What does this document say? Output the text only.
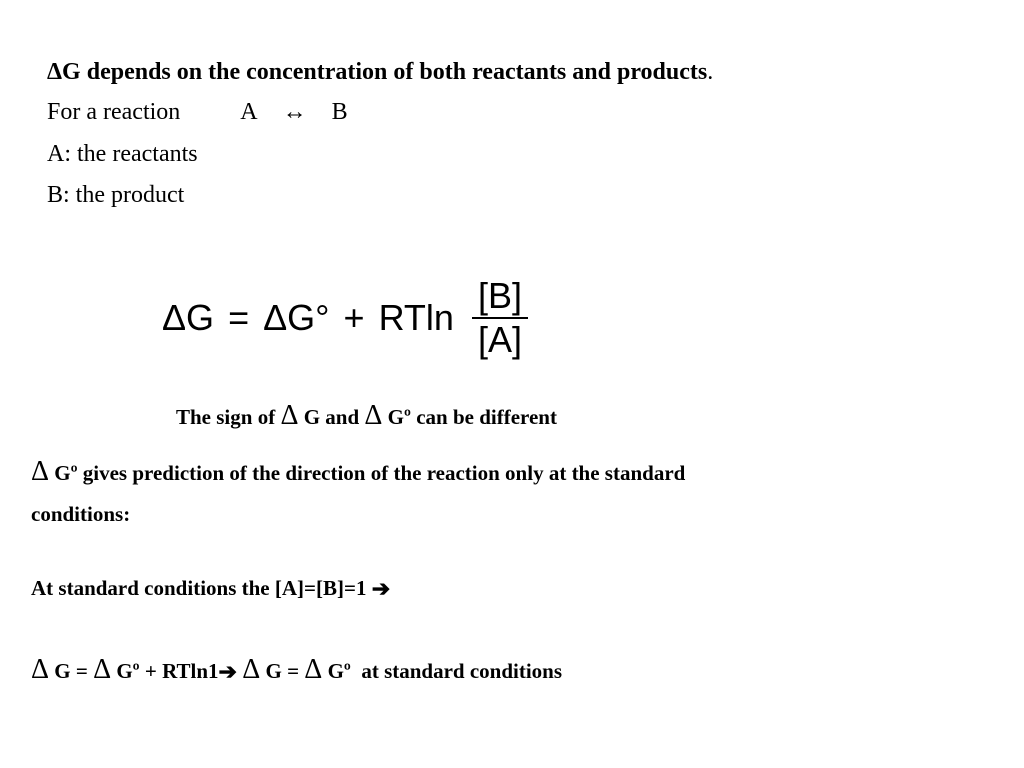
ΔG depends on the concentration of both reactants and products.
For a reaction	A ↔ B
A: the reactants
B: the product
ΔG = ΔG° + RTln $\frac{[B]}{[A]}$
The sign of Δ G and Δ Gº can be different
Δ Gº gives prediction of the direction of the reaction only at the standard
conditions:
At standard conditions the [A]=[B]=1 ➔
Δ G = Δ Gº + RTln1➔ Δ G = Δ Gº  at standard conditions
